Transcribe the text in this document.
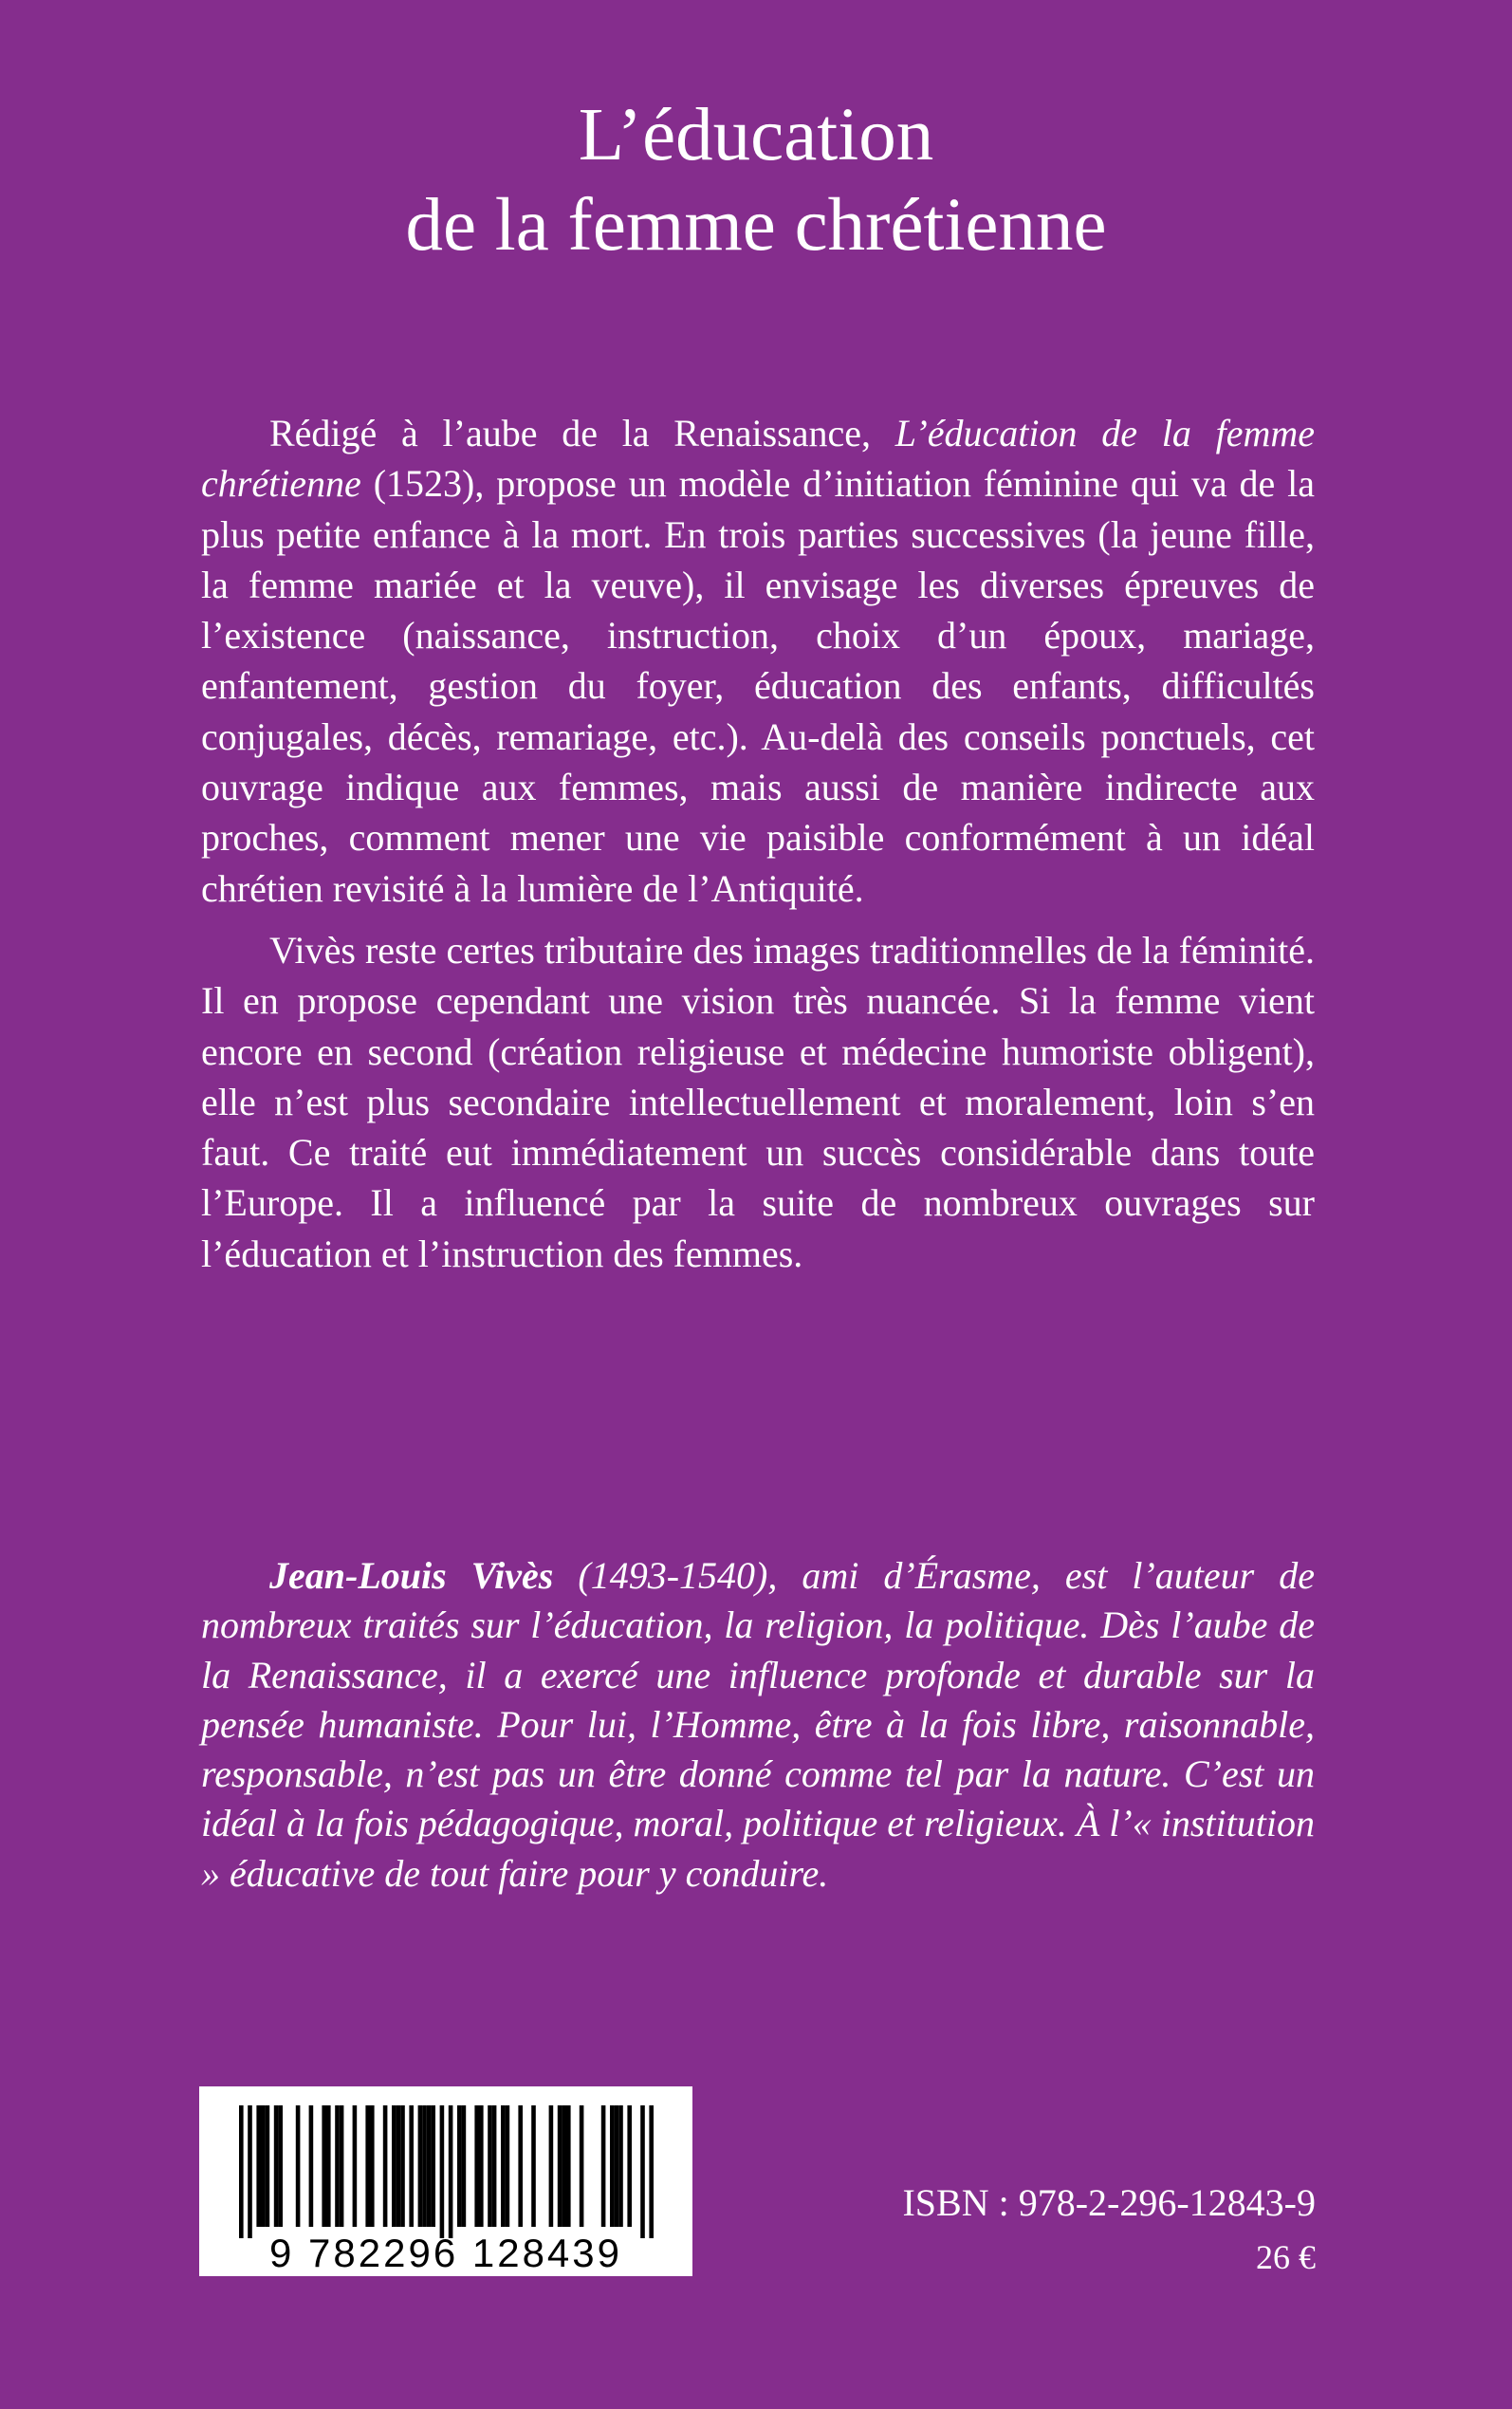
L’éducation
de la femme chrétienne

Rédigé à l’aube de la Renaissance, L’éducation de la femme chrétienne (1523), propose un modèle d’initiation féminine qui va de la plus petite enfance à la mort. En trois parties successives (la jeune fille, la femme mariée et la veuve), il envisage les diverses épreuves de l’existence (naissance, instruction, choix d’un époux, mariage, enfantement, gestion du foyer, éducation des enfants, difficultés conjugales, décès, remariage, etc.). Au-delà des conseils ponctuels, cet ouvrage indique aux femmes, mais aussi de manière indirecte aux proches, comment mener une vie paisible conformément à un idéal chrétien revisité à la lumière de l’Antiquité.

Vivès reste certes tributaire des images traditionnelles de la féminité. Il en propose cependant une vision très nuancée. Si la femme vient encore en second (création religieuse et médecine humoriste obligent), elle n’est plus secondaire intellectuellement et moralement, loin s’en faut. Ce traité eut immédiatement un succès considérable dans toute l’Europe. Il a influencé par la suite de nombreux ouvrages sur l’éducation et l’instruction des femmes.

Jean-Louis Vivès (1493-1540), ami d’Érasme, est l’auteur de nombreux traités sur l’éducation, la religion, la politique. Dès l’aube de la Renaissance, il a exercé une influence profonde et durable sur la pensée humaniste. Pour lui, l’Homme, être à la fois libre, raisonnable, responsable, n’est pas un être donné comme tel par la nature. C’est un idéal à la fois pédagogique, moral, politique et religieux. À l’« institution » éducative de tout faire pour y conduire.

9 782296 128439
ISBN : 978-2-296-12843-9
26 €
